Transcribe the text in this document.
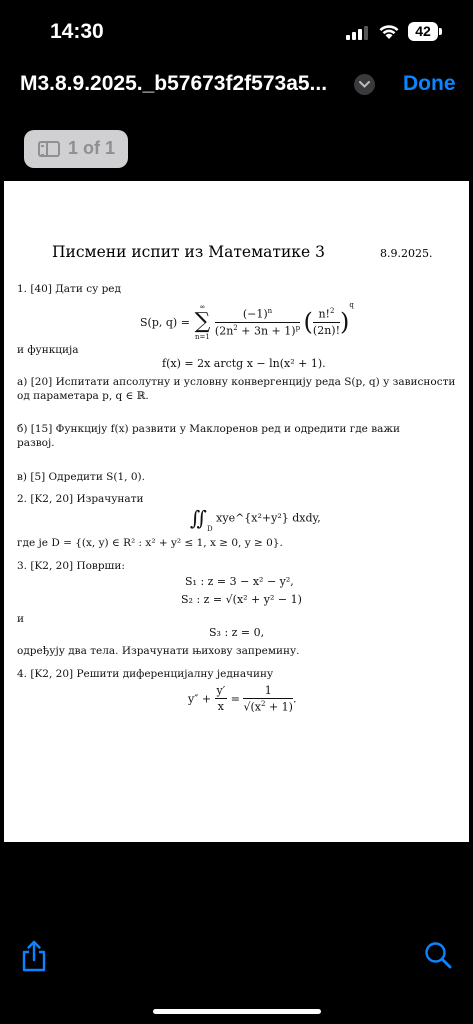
14:30	42
M3.8.9.2025._b57673f2f573a5...	Done
1 of 1
Писмени испит из Математике 3	8.9.2025.
1. [40] Дати су ред
S(p, q) =
∞
∑
n=1
$\frac{(-1)^n}{(2n^2 + 3n + 1)^p}$ ( $\frac{n!^2}{(2n)!} )^q$
и функција
f(x) = 2x arctg x − ln(x² + 1).
а) [20] Испитати апсолутну и условну конвергенцију реда S(p, q) у зависности
од параметара p, q ∈ ℝ.
б) [15] Функцију f(x) развити у Маклоренов ред и одредити где важи
развој.
в) [5] Одредити S(1, 0).
2. [K2, 20] Израчунати
$∬_D$ xye^{x²+y²} dxdy,
где је D = {(x, y) ∈ R² : x² + y² ≤ 1, x ≥ 0, y ≥ 0}.
3. [K2, 20] Површи:
S₁ : z = 3 − x² − y²,
S₂ : z = √(x² + y² − 1)
и
S₃ : z = 0,
одређују два тела. Израчунати њихову запремину.
4. [K2, 20] Решити диференцијалну једначину
$y'' + \frac{y'}{x} = \frac{1}{√(x^2 + 1)}$ .
